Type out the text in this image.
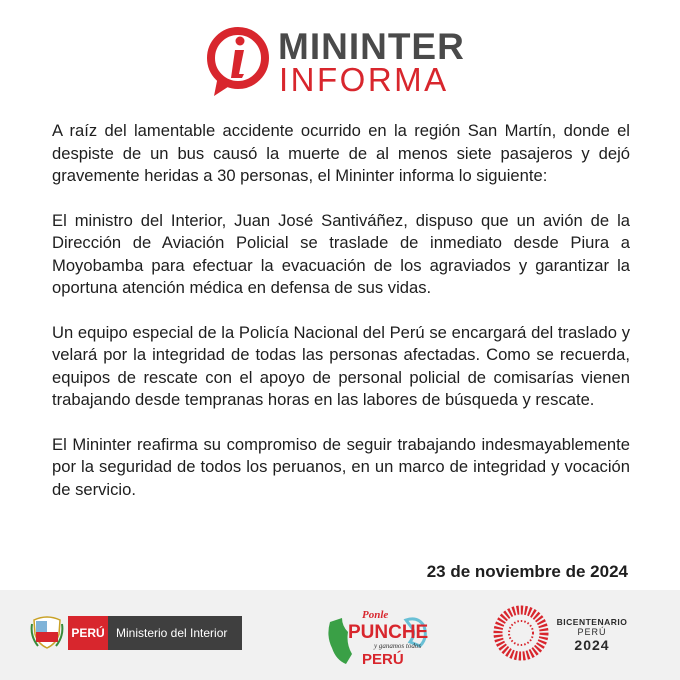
MININTER
INFORMA

A raíz del lamentable accidente ocurrido en la región San Martín, donde el despiste de un bus causó la muerte de al menos siete pasajeros y dejó gravemente heridas a 30 personas, el Mininter informa lo siguiente:

El ministro del Interior, Juan José Santiváñez, dispuso que un avión de la Dirección de Aviación Policial se traslade de inmediato desde Piura a Moyobamba para efectuar la evacuación de los agraviados y garantizar la oportuna atención médica en defensa de sus vidas.

Un equipo especial de la Policía Nacional del Perú se encargará del traslado y velará por la integridad de todas las personas afectadas. Como se recuerda, equipos de rescate con el apoyo de personal policial de comisarías vienen trabajando desde tempranas horas en las labores de búsqueda y rescate.

El Mininter reafirma su compromiso de seguir trabajando indesmayablemente por la seguridad de todos los peruanos, en un marco de integridad y vocación de servicio.

23 de noviembre de 2024
PERÚ Ministerio del Interior
Ponle
PUNCHE
y ganamos todos
PERÚ
BICENTENARIO
PERÚ
2024
